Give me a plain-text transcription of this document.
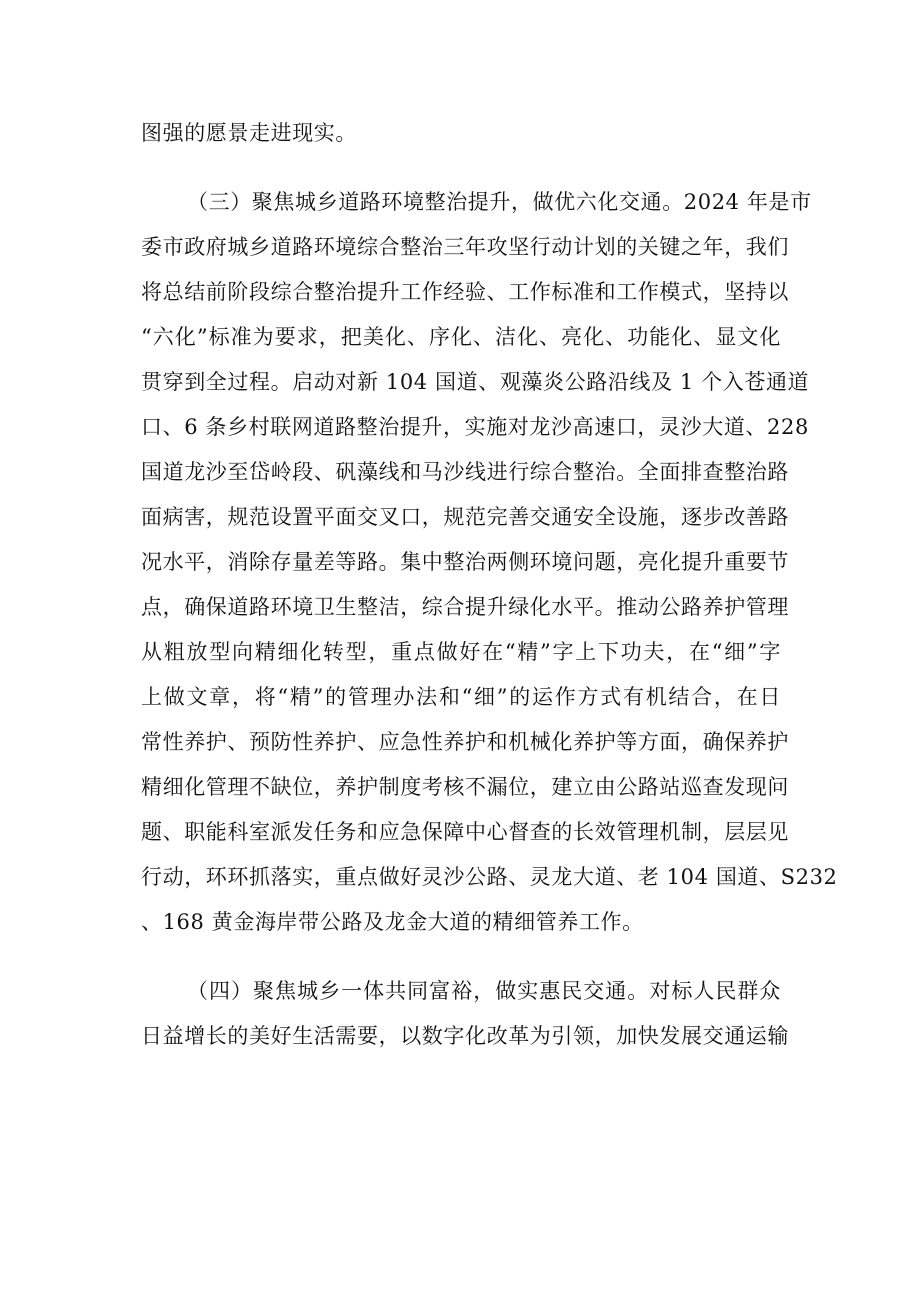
图强的愿景走进现实。
（三）聚焦城乡道路环境整治提升，做优六化交通。2024 年是市
委市政府城乡道路环境综合整治三年攻坚行动计划的关键之年，我们
将总结前阶段综合整治提升工作经验、工作标准和工作模式，坚持以
“六化”标准为要求，把美化、序化、洁化、亮化、功能化、显文化
贯穿到全过程。启动对新 104 国道、观藻炎公路沿线及 1 个入苍通道
口、6 条乡村联网道路整治提升，实施对龙沙高速口，灵沙大道、228
国道龙沙至岱岭段、矾藻线和马沙线进行综合整治。全面排查整治路
面病害，规范设置平面交叉口，规范完善交通安全设施，逐步改善路
况水平，消除存量差等路。集中整治两侧环境问题，亮化提升重要节
点，确保道路环境卫生整洁，综合提升绿化水平。推动公路养护管理
从粗放型向精细化转型，重点做好在“精”字上下功夫，在“细”字
上做文章，将“精”的管理办法和“细”的运作方式有机结合，在日
常性养护、预防性养护、应急性养护和机械化养护等方面，确保养护
精细化管理不缺位，养护制度考核不漏位，建立由公路站巡查发现问
题、职能科室派发任务和应急保障中心督查的长效管理机制，层层见
行动，环环抓落实，重点做好灵沙公路、灵龙大道、老 104 国道、S232
、168 黄金海岸带公路及龙金大道的精细管养工作。
（四）聚焦城乡一体共同富裕，做实惠民交通。对标人民群众
日益增长的美好生活需要，以数字化改革为引领，加快发展交通运输
